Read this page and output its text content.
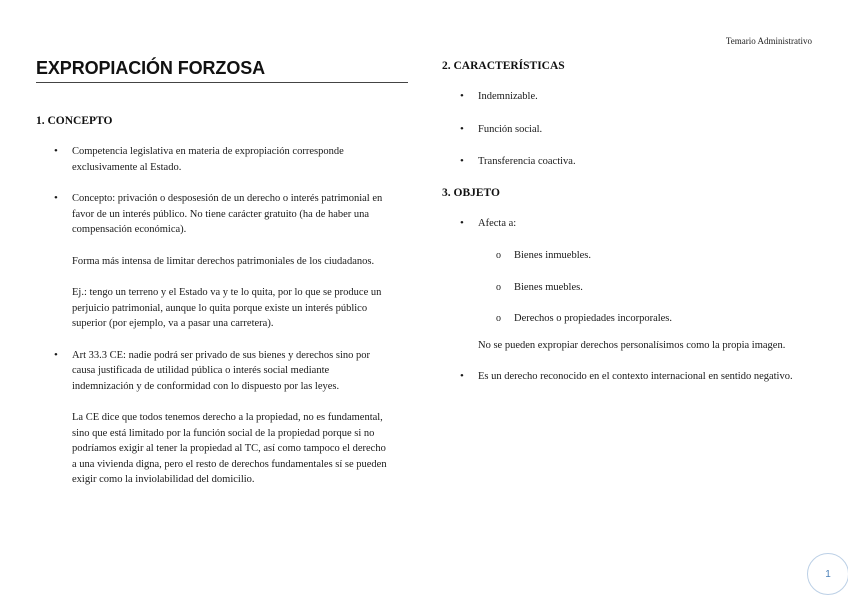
Temario Administrativo
EXPROPIACIÓN FORZOSA
1. CONCEPTO
• Competencia legislativa en materia de expropiación corresponde exclusivamente al Estado.
• Concepto: privación o desposesión de un derecho o interés patrimonial en favor de un interés público. No tiene carácter gratuito (ha de haber una compensación económica).
Forma más intensa de limitar derechos patrimoniales de los ciudadanos.
Ej.: tengo un terreno y el Estado va y te lo quita, por lo que se produce un perjuicio patrimonial, aunque lo quita porque existe un interés público superior (por ejemplo, va a pasar una carretera).
• Art 33.3 CE: nadie podrá ser privado de sus bienes y derechos sino por causa justificada de utilidad pública o interés social mediante indemnización y de conformidad con lo dispuesto por las leyes.
La CE dice que todos tenemos derecho a la propiedad, no es fundamental, sino que está limitado por la función social de la propiedad porque si no podríamos exigir al tener la propiedad al TC, así como tampoco el derecho a una vivienda digna, pero el resto de derechos fundamentales sí se pueden exigir como la inviolabilidad del domicilio.
2. CARACTERÍSTICAS
• Indemnizable.
• Función social.
• Transferencia coactiva.
3. OBJETO
• Afecta a:
o Bienes inmuebles.
o Bienes muebles.
o Derechos o propiedades incorporales.
No se pueden expropiar derechos personalísimos como la propia imagen.
• Es un derecho reconocido en el contexto internacional en sentido negativo.
1
